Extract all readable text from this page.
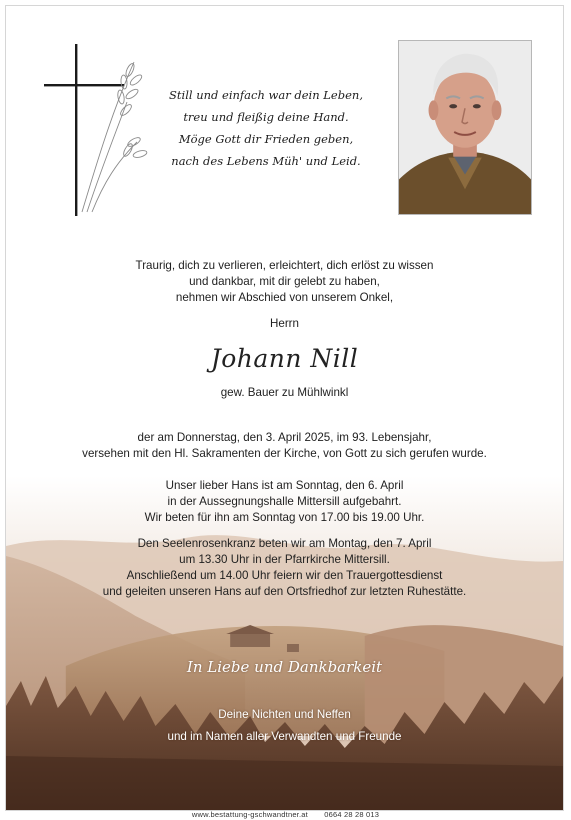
Still und einfach war dein Leben,
treu und fleißig deine Hand.
Möge Gott dir Frieden geben,
nach des Lebens Müh' und Leid.
Traurig, dich zu verlieren, erleichtert, dich erlöst zu wissen
und dankbar, mit dir gelebt zu haben,
nehmen wir Abschied von unserem Onkel,
Herrn
Johann Nill
gew. Bauer zu Mühlwinkl
der am Donnerstag, den 3. April 2025, im 93. Lebensjahr,
versehen mit den Hl. Sakramenten der Kirche, von Gott zu sich gerufen wurde.
Unser lieber Hans ist am Sonntag, den 6. April
in der Aussegnungshalle Mittersill aufgebahrt.
Wir beten für ihn am Sonntag von 17.00 bis 19.00 Uhr.
Den Seelenrosenkranz beten wir am Montag, den 7. April
um 13.30 Uhr in der Pfarrkirche Mittersill.
Anschließend um 14.00 Uhr feiern wir den Trauergottesdienst
und geleiten unseren Hans auf den Ortsfriedhof zur letzten Ruhestätte.
In Liebe und Dankbarkeit
Deine Nichten und Neffen
und im Namen aller Verwandten und Freunde
www.bestattung-gschwandtner.at 0664 28 28 013
